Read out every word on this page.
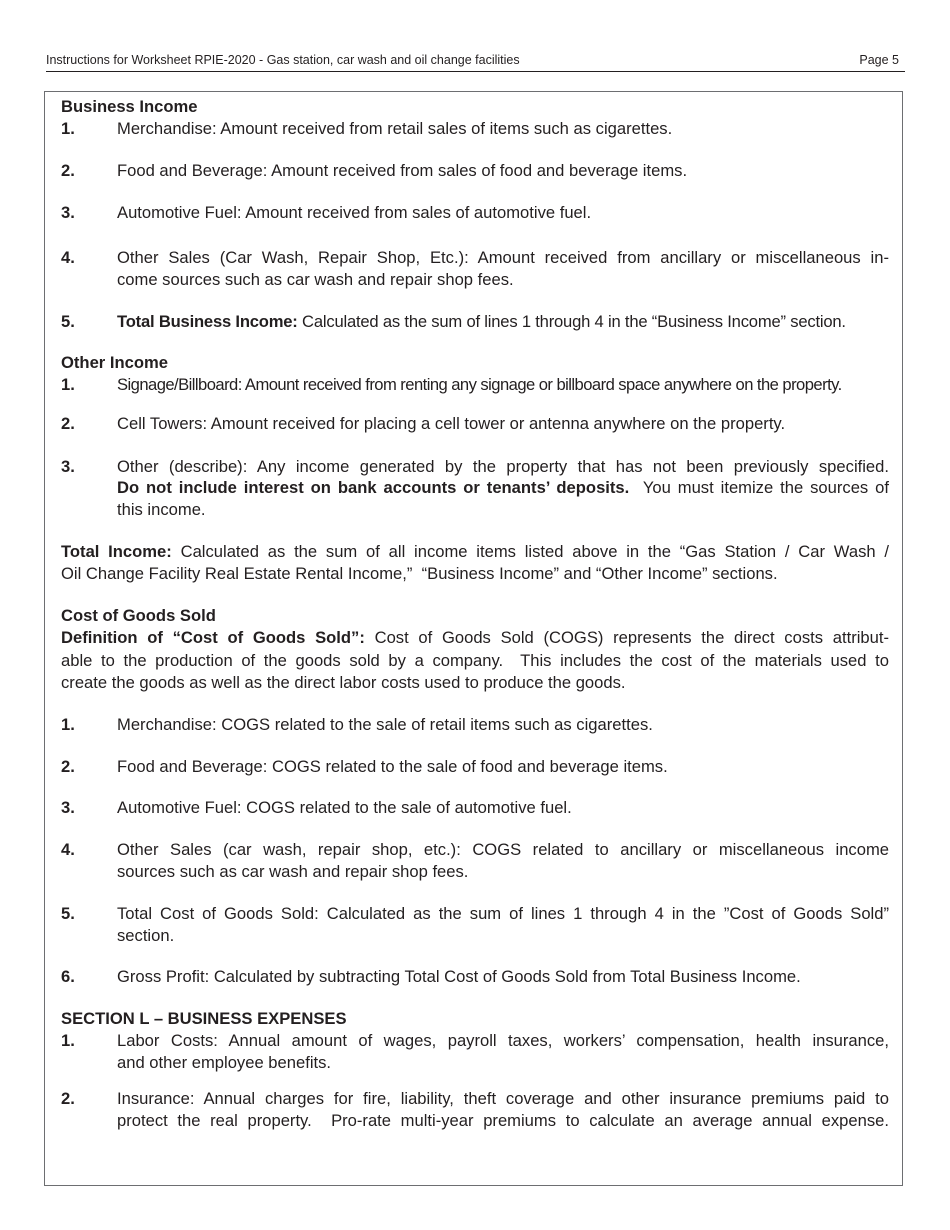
Instructions for Worksheet RPIE-2020 - Gas station, car wash and oil change facilities	Page 5
Business Income
1.	Merchandise: Amount received from retail sales of items such as cigarettes.
2.	Food and Beverage: Amount received from sales of food and beverage items.
3.	Automotive Fuel: Amount received from sales of automotive fuel.
4.	Other Sales (Car Wash, Repair Shop, Etc.): Amount received from ancillary or miscellaneous in-
come sources such as car wash and repair shop fees.
5.	Total Business Income: Calculated as the sum of lines 1 through 4 in the “Business Income” section.
Other Income
1.	Signage/Billboard: Amount received from renting any signage or billboard space anywhere on the property.
2.	Cell Towers: Amount received for placing a cell tower or antenna anywhere on the property.
3.	Other (describe): Any income generated by the property that has not been previously specified.
Do not include interest on bank accounts or tenants’ deposits.  You must itemize the sources of
this income.
Total Income: Calculated as the sum of all income items listed above in the “Gas Station / Car Wash /
Oil Change Facility Real Estate Rental Income,”  “Business Income” and “Other Income” sections.
Cost of Goods Sold
Definition of “Cost of Goods Sold”: Cost of Goods Sold (COGS) represents the direct costs attribut-
able to the production of the goods sold by a company.  This includes the cost of the materials used to
create the goods as well as the direct labor costs used to produce the goods.
1.	Merchandise: COGS related to the sale of retail items such as cigarettes.
2.	Food and Beverage: COGS related to the sale of food and beverage items.
3.	Automotive Fuel: COGS related to the sale of automotive fuel.
4.	Other Sales (car wash, repair shop, etc.): COGS related to ancillary or miscellaneous income
sources such as car wash and repair shop fees.
5.	Total Cost of Goods Sold: Calculated as the sum of lines 1 through 4 in the ”Cost of Goods Sold”
section.
6.	Gross Profit: Calculated by subtracting Total Cost of Goods Sold from Total Business Income.
SECTION L – BUSINESS EXPENSES
1.	Labor Costs: Annual amount of wages, payroll taxes, workers’ compensation, health insurance,
and other employee benefits.
2.	Insurance: Annual charges for fire, liability, theft coverage and other insurance premiums paid to
protect the real property.  Pro-rate multi-year premiums to calculate an average annual expense.
